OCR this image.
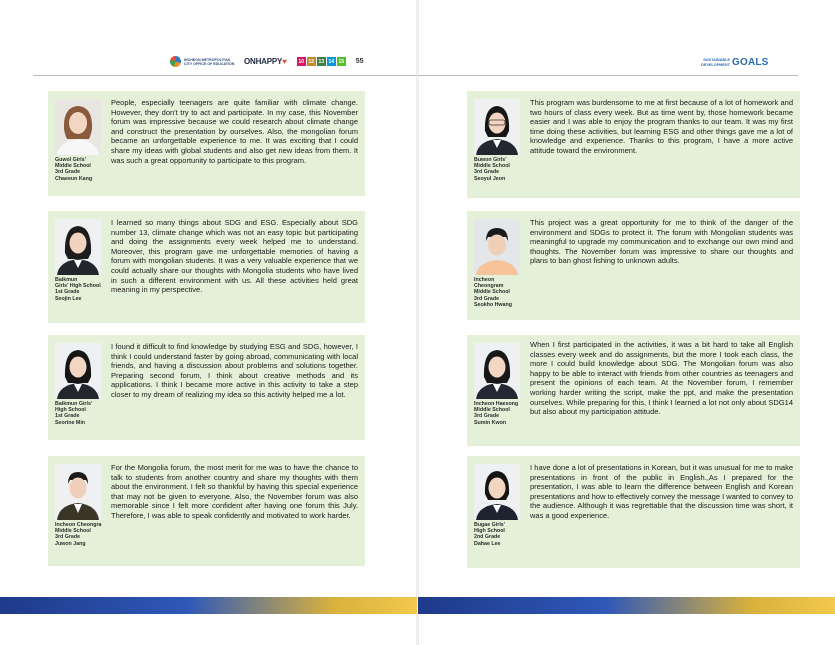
INCHEON METROPOLITAN CITY OFFICE OF EDUCATION	ONHAPPY♥ 10 12 13 14 15 55
Guwol Girls'
Middle School
3rd Grade
Chaeeun Kang

People, especially teenagers are quite familiar with climate change. However, they don't try to act and participate. In my case, this November forum was impressive because we could research about climate change and construct the presentation by ourselves. Also, the mongolian forum became an unforgettable experience to me. It was exciting that I could share my ideas with global students and also get new ideas from them. It was such a great opportunity to participate to this program.

Baikmun
Girls' High School
1st Grade
Seojin Lee

I learned so many things about SDG and ESG. Especially about SDG number 13, climate change which was not an easy topic but participating and doing the assignments every week helped me to understand. Moreover, this program gave me unforgettable memories of having a forum with mongolian students. It was a very valuable experience that we could actually share our thoughts with Mongolia students who have lived in such a different environment with us. All these activities held great meaning in my perspective.

Baikmun Girls'
High School
1st Grade
Seorine Min

I found it difficult to find knowledge by studying ESG and SDG, however, I think I could understand faster by going abroad, communicating with local friends, and having a discussion about problems and solutions together. Preparing second forum, I think about creative methods and its applications. I think I became more active in this activity to take a step closer to my dream of realizing my idea so this activity helped me a lot.

Incheon Cheongra
Middle School
3rd Grade
Juwon Jang

For the Mongolia forum, the most merit for me was to have the chance to talk to students from another country and share my thoughts with them about the environment. I felt so thankful by having this special experience that may not be given to everyone. Also, the November forum was also memorable since I felt more confident after having one forum this July. Therefore, I was able to speak confidently and motivated to work harder.

SUSTAINABLE
DEVELOPMENT GOALS
Buwon Girls'
Middle School
3rd Grade
Seoyul Jeon

This program was burdensome to me at first because of a lot of homework and two hours of class every week. But as time went by, those homework became easier and I was able to enjoy the program thanks to our team. It was my first time doing these activities, but learning ESG and other things gave me a lot of knowledge and experience. Thanks to this program, I have a more active attitude toward the environment.

Incheon
Cheongram
Middle School
3rd Grade
Seokho Hwang

This project was a great opportunity for me to think of the danger of the environment and SDGs to protect it. The forum with Mongolian students was meaningful to upgrade my communication and to exchange our own mind and thoughts. The November forum was impressive to share our thoughts and plans to ban ghost fishing to unknown adults.

Incheon Haesong
Middle School
3rd Grade
Sumin Kwon

When I first participated in the activities, it was a bit hard to take all English classes every week and do assignments, but the more I took each class, the more I could build knowledge about SDG. The Mongolian forum was also happy to be able to interact with friends from other countries as teenagers and present the opinions of each team. At the November forum, I remember working harder writing the script, make the ppt, and make the presentation ourselves. While preparing for this, I think I learned a lot not only about SDG14 but also about my participation attitude.

Bugae Girls'
High School
2nd Grade
Dahae Lee

I have done a lot of presentations in Korean, but it was unusual for me to make presentations in front of the public in English.,As I prepared for the presentation, I was able to learn the difference between English and Korean presentations and how to effectively convey the message I wanted to convey to the audience. Although it was regrettable that the discussion time was short, it was a good experience.
